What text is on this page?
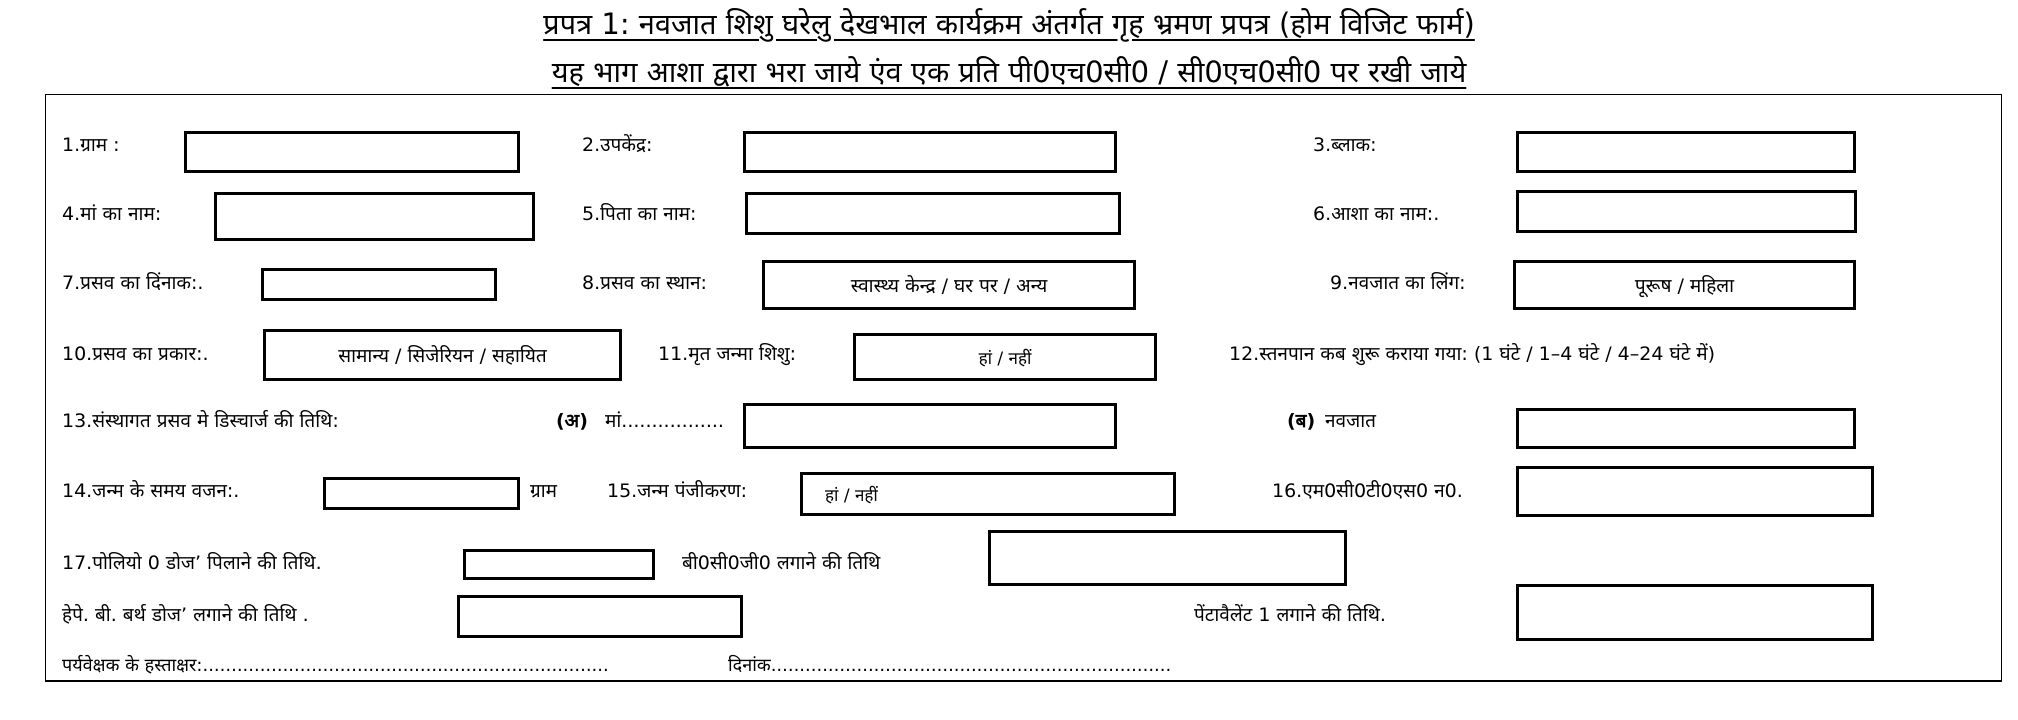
प्रपत्र 1: नवजात शिशु घरेलु देखभाल कार्यक्रम अंतर्गत गृह भ्रमण प्रपत्र (होम विजिट फार्म)
यह भाग आशा द्वारा भरा जाये एंव एक प्रति पी0एच0सी0 / सी0एच0सी0 पर रखी जाये
1.ग्राम :	2.उपकेंद्र:	3.ब्लाक:
4.मां का नाम:	5.पिता का नाम:	6.आशा का नाम:.
7.प्रसव का दिंनाक:.	8.प्रसव का स्थान:	स्वास्थ्य केन्द्र / घर पर / अन्य	9.नवजात का लिंग:	पूरूष / महिला
10.प्रसव का प्रकार:.	सामान्य / सिजेरियन / सहायित	11.मृत जन्मा शिशु:	हां / नहीं	12.स्तनपान कब शुरू कराया गया: (1 घंटे / 1–4 घंटे / 4–24 घंटे में)
13.संस्थागत प्रसव मे डिस्चार्ज की तिथि:	(अ) मां.................	(ब) नवजात
14.जन्म के समय वजन:.	ग्राम	15.जन्म पंजीकरण:	हां / नहीं	16.एम0सी0टी0एस0 न0.
17.पोलियो 0 डोज’ पिलाने की तिथि.	बी0सी0जी0 लगाने की तिथि
हेपे. बी. बर्थ डोज’ लगाने की तिथि .	पेंटावैलेंट 1 लगाने की तिथि.
पर्यवेक्षक के हस्ताक्षर:.......................................................................	दिनांक......................................................................
